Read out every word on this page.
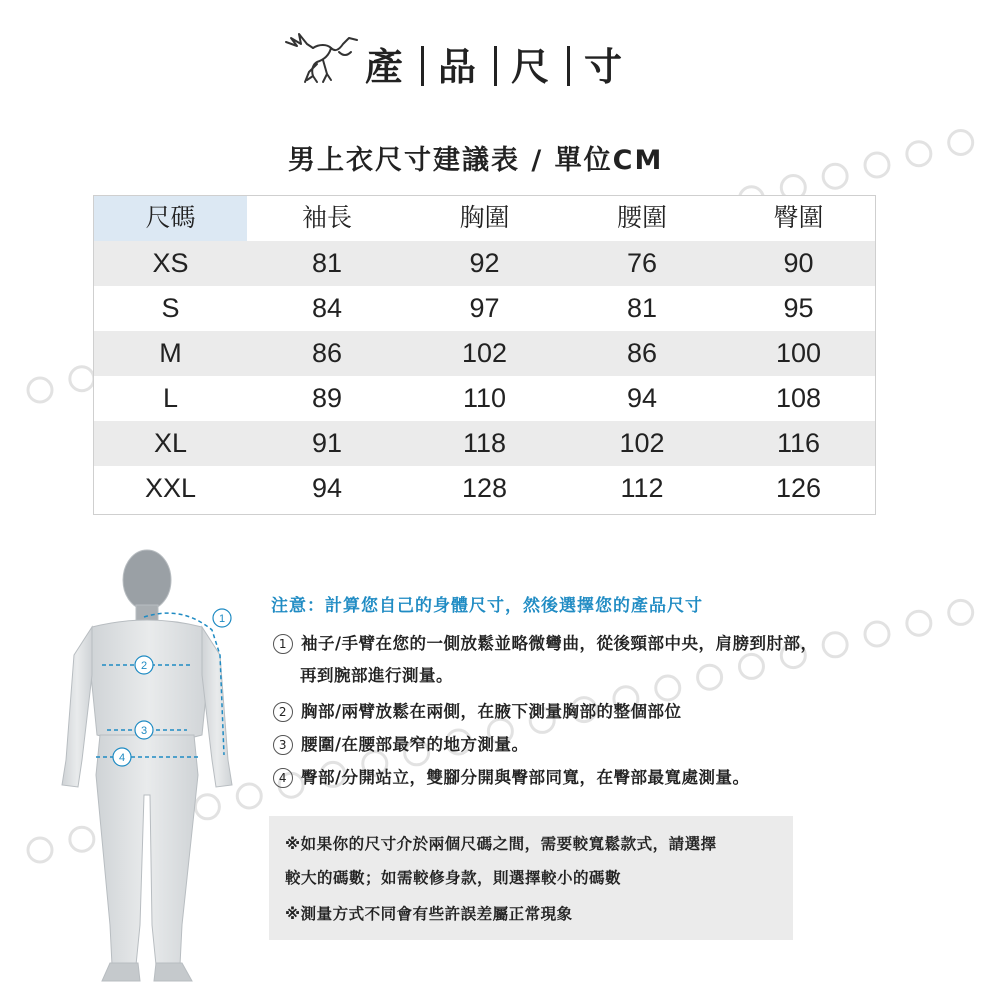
產 品 尺 寸
男上衣尺寸建議表 / 單位CM
尺碼	袖長	胸圍	腰圍	臀圍
XS	81	92	76	90
S	84	97	81	95
M	86	102	86	100
L	89	110	94	108
XL	91	118	102	116
XXL	94	128	112	126
1
2
3
4
注意：計算您自己的身體尺寸，然後選擇您的產品尺寸
1 袖子/手臂在您的一側放鬆並略微彎曲，從後頸部中央，肩膀到肘部，
再到腕部進行測量。
2 胸部/兩臂放鬆在兩側，在腋下測量胸部的整個部位
3 腰圍/在腰部最窄的地方測量。
4 臀部/分開站立，雙腳分開與臀部同寬，在臀部最寬處測量。
※如果你的尺寸介於兩個尺碼之間，需要較寬鬆款式，請選擇
較大的碼數；如需較修身款，則選擇較小的碼數
※測量方式不同會有些許誤差屬正常現象
